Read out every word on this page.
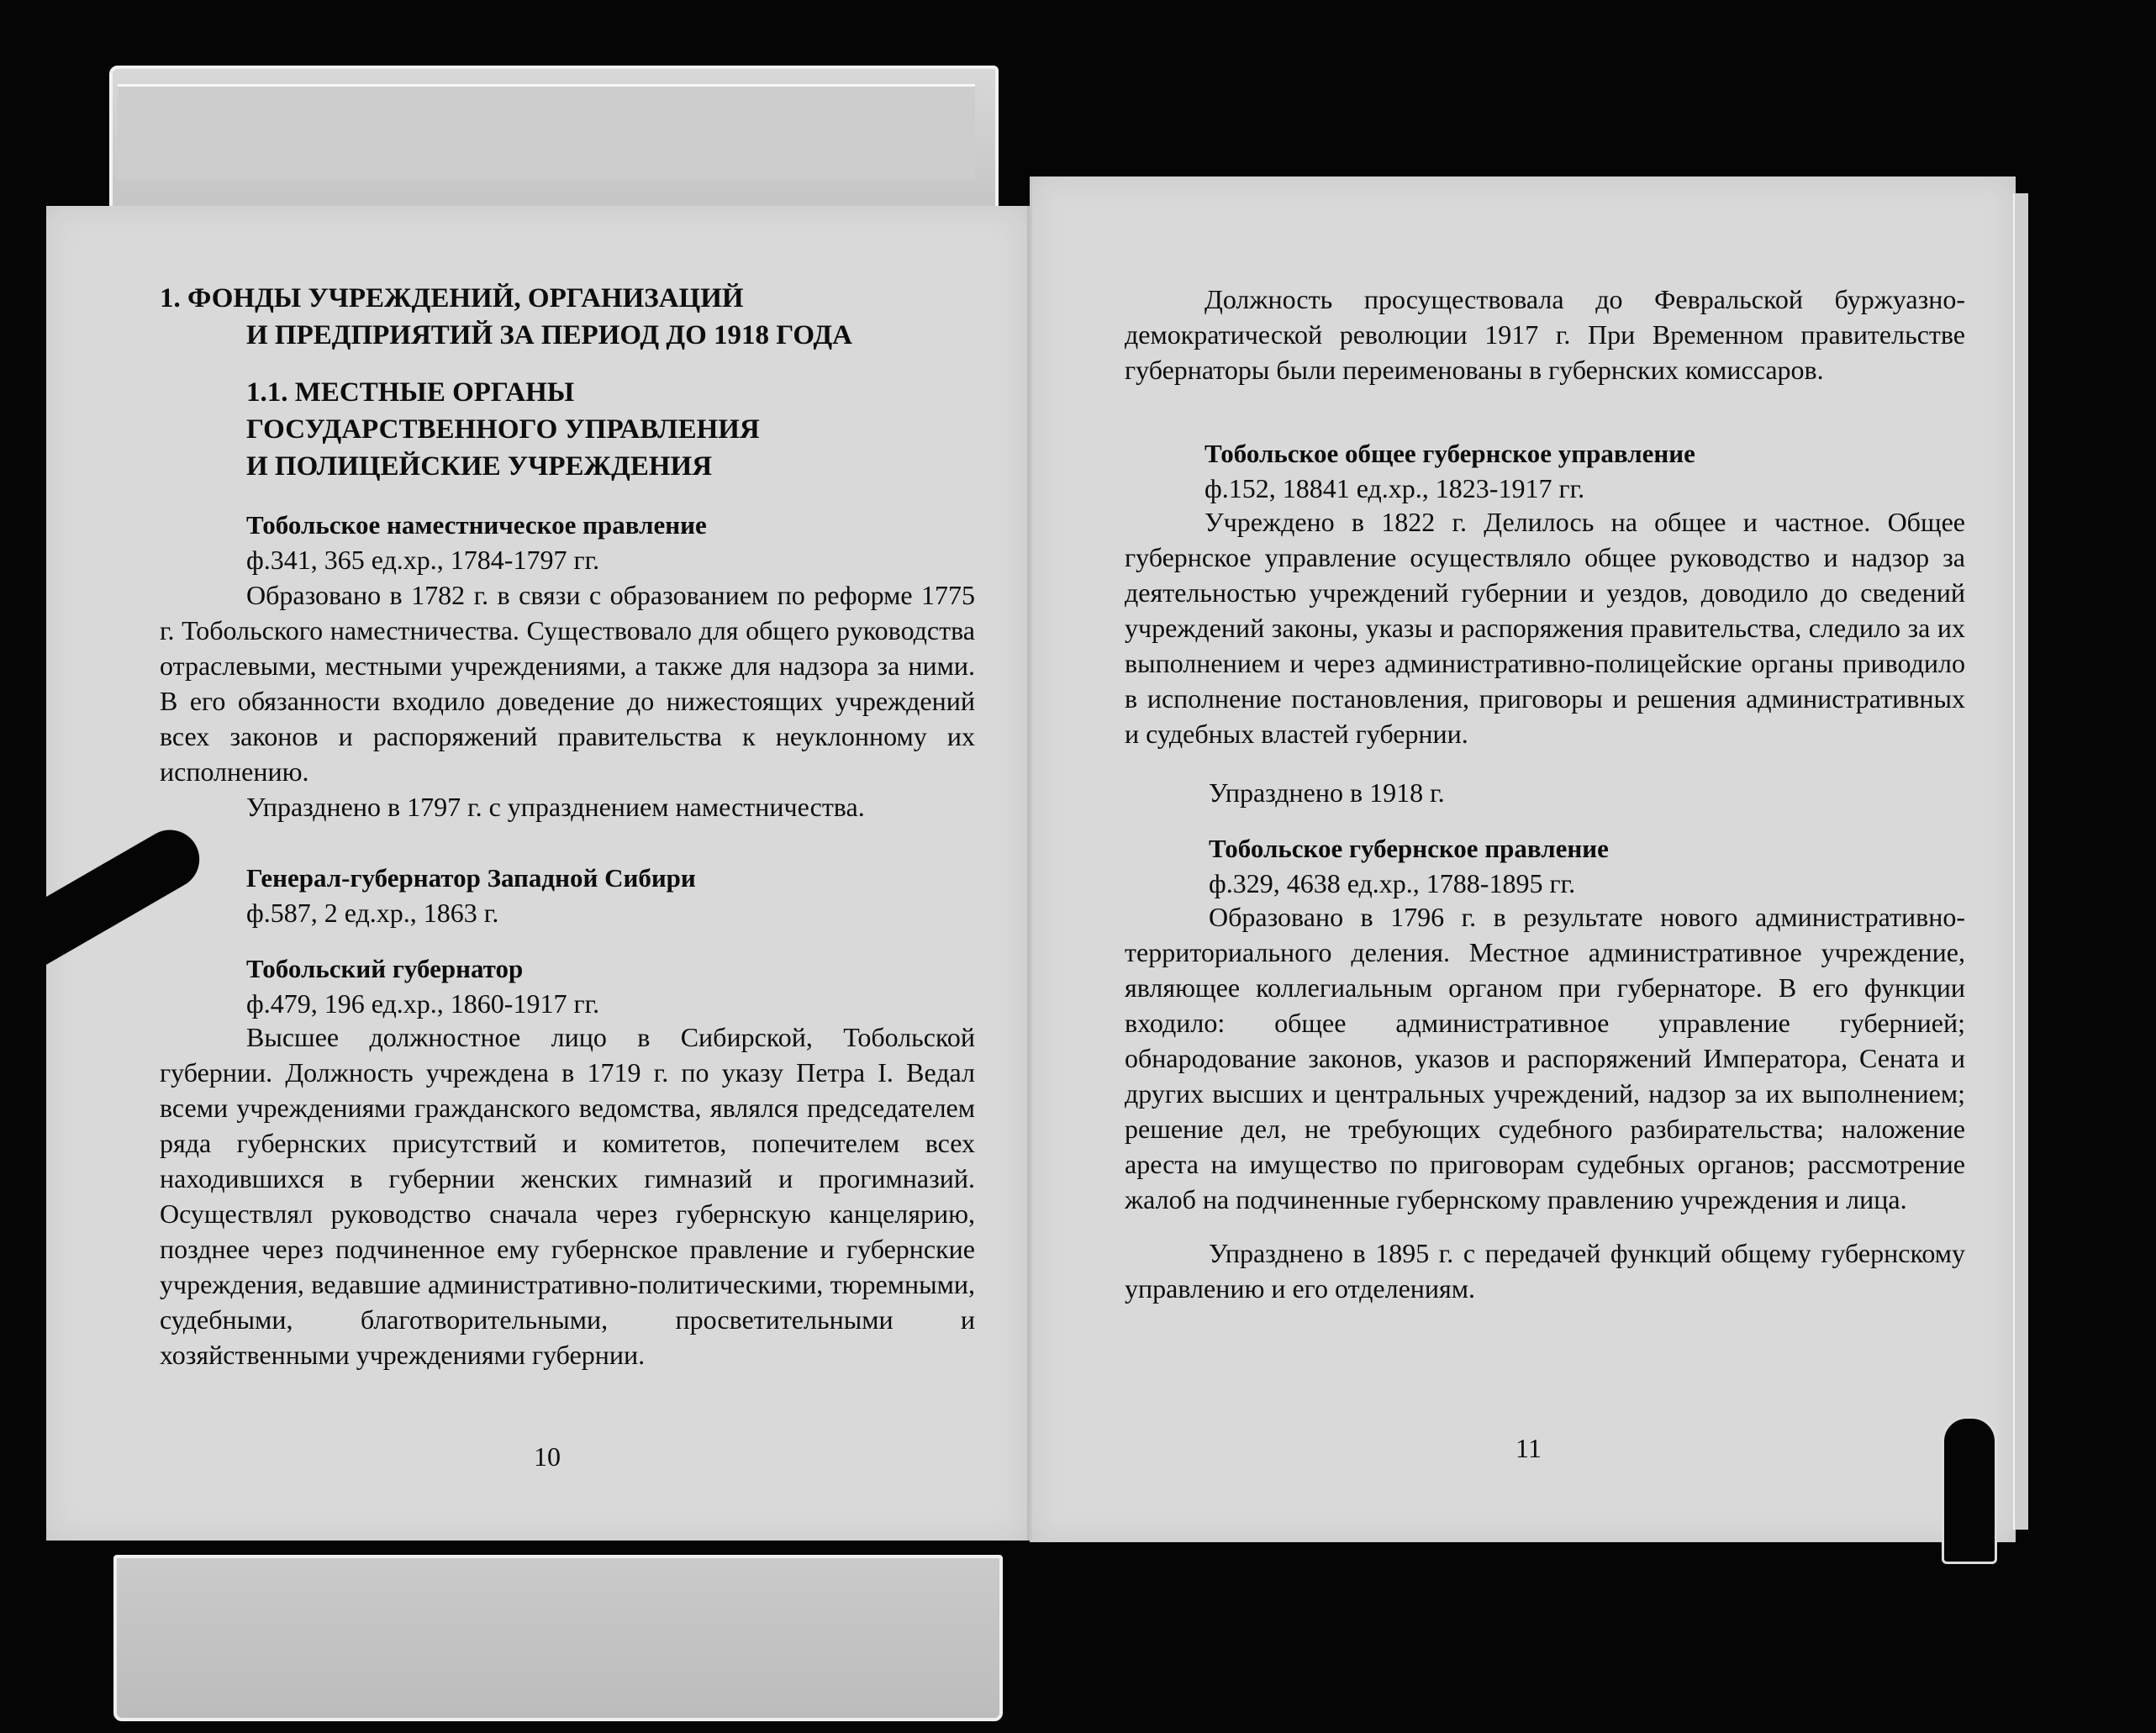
1. ФОНДЫ УЧРЕЖДЕНИЙ, ОРГАНИЗАЦИЙ
И ПРЕДПРИЯТИЙ ЗА ПЕРИОД ДО 1918 ГОДА
1.1. МЕСТНЫЕ ОРГАНЫ
ГОСУДАРСТВЕННОГО УПРАВЛЕНИЯ
И ПОЛИЦЕЙСКИЕ УЧРЕЖДЕНИЯ
Тобольское наместническое правление
ф.341, 365 ед.хр., 1784-1797 гг.
Образовано в 1782 г. в связи с образованием по реформе 1775 г. Тобольского наместничества. Существовало для общего руководства отраслевыми, местными учреждениями, а также для надзора за ними. В его обязанности входило доведение до нижестоящих учреждений всех законов и распоряжений правительства к неуклонному их исполнению.
Упразднено в 1797 г. с упразднением наместничества.
Генерал-губернатор Западной Сибири
ф.587, 2 ед.хр., 1863 г.
Тобольский губернатор
ф.479, 196 ед.хр., 1860-1917 гг.
Высшее должностное лицо в Сибирской, Тобольской губернии. Должность учреждена в 1719 г. по указу Петра I. Ведал всеми учреждениями гражданского ведомства, являлся председателем ряда губернских присутствий и комитетов, попечителем всех находившихся в губернии женских гимназий и прогимназий. Осуществлял руководство сначала через губернскую канцелярию, позднее через подчиненное ему губернское правление и губернские учреждения, ведавшие административно-политическими, тюремными, судебными, благотворительными, просветительными и хозяйственными учреждениями губернии.
10
Должность просуществовала до Февральской буржуазно-демократической революции 1917 г. При Временном правительстве губернаторы были переименованы в губернских комиссаров.
Тобольское общее губернское управление
ф.152, 18841 ед.хр., 1823-1917 гг.
Учреждено в 1822 г. Делилось на общее и частное. Общее губернское управление осуществляло общее руководство и надзор за деятельностью учреждений губернии и уездов, доводило до сведений учреждений законы, указы и распоряжения правительства, следило за их выполнением и через административно-полицейские органы приводило в исполнение постановления, приговоры и решения административных и судебных властей губернии.
Упразднено в 1918 г.
Тобольское губернское правление
ф.329, 4638 ед.хр., 1788-1895 гг.
Образовано в 1796 г. в результате нового административно-территориального деления. Местное административное учреждение, являющее коллегиальным органом при губернаторе. В его функции входило: общее административное управление губернией; обнародование законов, указов и распоряжений Императора, Сената и других высших и центральных учреждений, надзор за их выполнением; решение дел, не требующих судебного разбирательства; наложение ареста на имущество по приговорам судебных органов; рассмотрение жалоб на подчиненные губернскому правлению учреждения и лица.
Упразднено в 1895 г. с передачей функций общему губернскому управлению и его отделениям.
11
